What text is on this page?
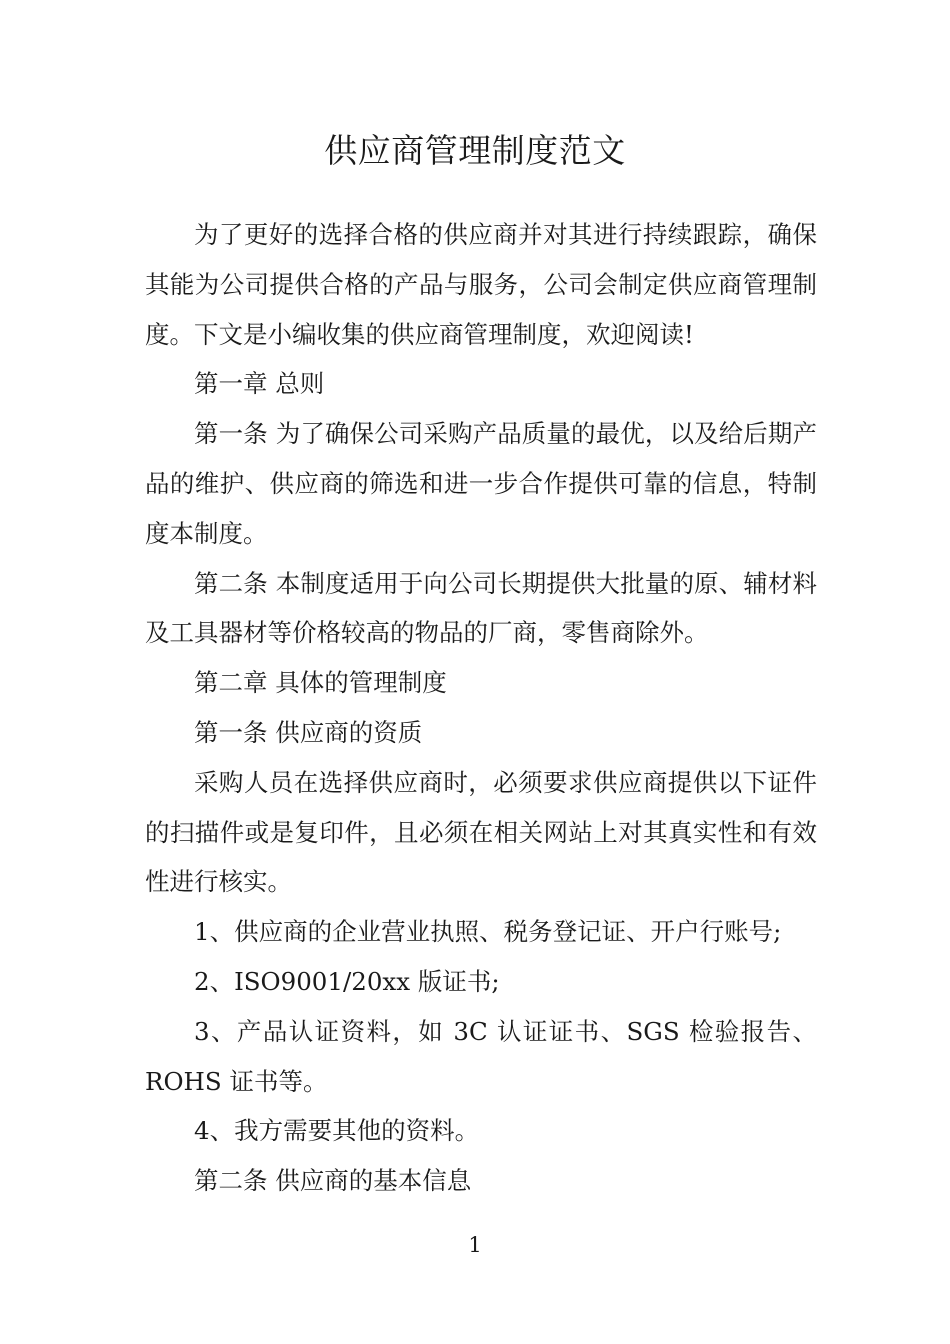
供应商管理制度范文

为了更好的选择合格的供应商并对其进行持续跟踪，确保其能为公司提供合格的产品与服务，公司会制定供应商管理制度。下文是小编收集的供应商管理制度，欢迎阅读!

第一章 总则

第一条 为了确保公司采购产品质量的最优，以及给后期产品的维护、供应商的筛选和进一步合作提供可靠的信息，特制度本制度。

第二条 本制度适用于向公司长期提供大批量的原、辅材料及工具器材等价格较高的物品的厂商，零售商除外。

第二章 具体的管理制度

第一条 供应商的资质

采购人员在选择供应商时，必须要求供应商提供以下证件的扫描件或是复印件，且必须在相关网站上对其真实性和有效性进行核实。

1、供应商的企业营业执照、税务登记证、开户行账号;

2、ISO9001/20xx 版证书;

3、产品认证资料，如 3C 认证证书、SGS 检验报告、ROHS 证书等。

4、我方需要其他的资料。

第二条 供应商的基本信息

1
